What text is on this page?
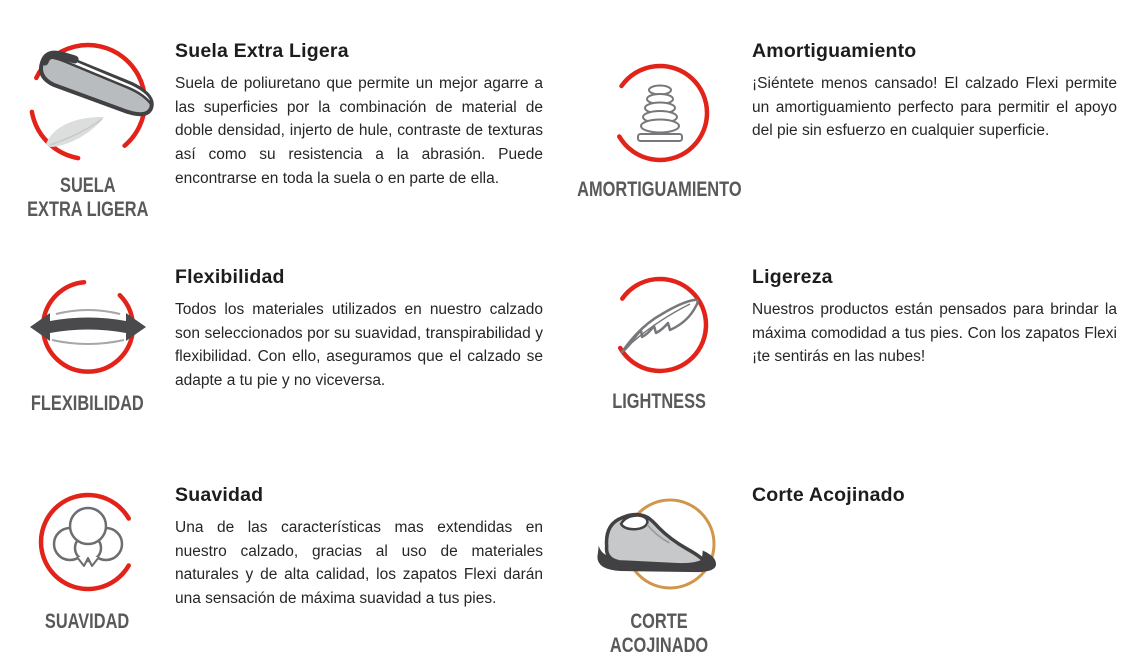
SUELA
EXTRA LIGERA
Suela Extra Ligera

Suela de poliuretano que permite un mejor agarre a las superficies por la combinación de material de doble densidad, injerto de hule, contraste de texturas así como su resistencia a la abrasión. Puede encontrarse en toda la suela o en parte de ella.	AMORTIGUAMIENTO
Amortiguamiento

¡Siéntete menos cansado! El calzado Flexi permite un amortiguamiento perfecto para permitir el apoyo del pie sin esfuerzo en cualquier superficie.

FLEXIBILIDAD
Flexibilidad

Todos los materiales utilizados en nuestro calzado son seleccionados por su suavidad, transpirabilidad y flexibilidad. Con ello, aseguramos que el calzado se adapte a tu pie y no viceversa.

LIGHTNESS
Ligereza

Nuestros productos están pensados para brindar la máxima comodidad a tus pies. Con los zapatos Flexi ¡te sentirás en las nubes!

SUAVIDAD
Suavidad

Una de las características mas extendidas en nuestro calzado, gracias al uso de materiales naturales y de alta calidad, los zapatos Flexi darán una sensación de máxima suavidad a tus pies.

CORTE
ACOJINADO
Corte Acojinado
